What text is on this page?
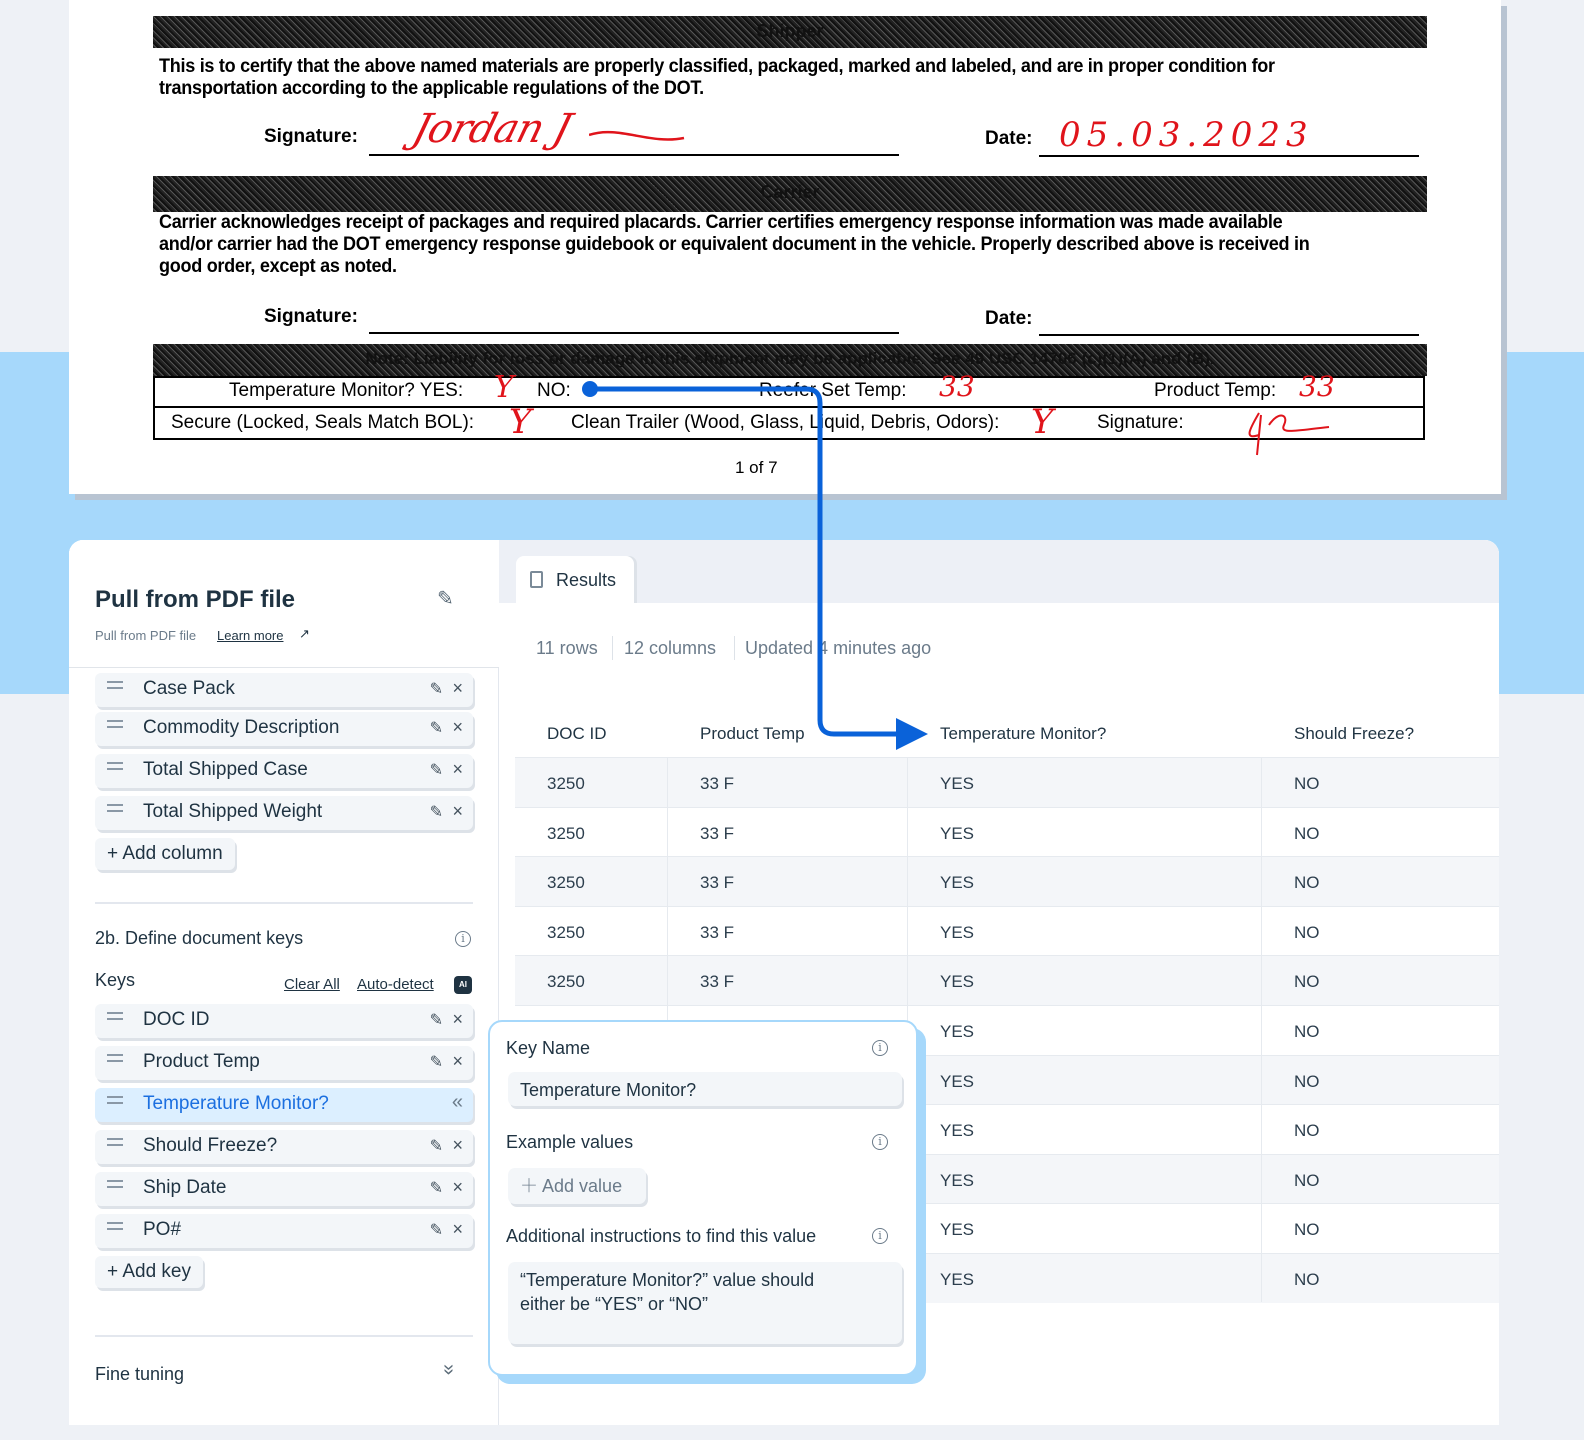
Shipper
This is to certify that the above named materials are properly classified, packaged, marked and labeled, and are in proper condition for
transportation according to the applicable regulations of the DOT.
Signature: Jordan J	Date: 05.03.2023
Carrier
Carrier acknowledges receipt of packages and required placards. Carrier certifies emergency response information was made available
and/or carrier had the DOT emergency response guidebook or equivalent document in the vehicle. Properly described above is received in
good order, except as noted.
Signature:	Date:
Note: Liability for loss or damage in this shipment may be applicable. See 49 USC 14706 (c)(1)(A) and (B).
Temperature Monitor? YES: Y NO:	Reefer Set Temp: 33	Product Temp: 33
Secure (Locked, Seals Match BOL): Y Clean Trailer (Wood, Glass, Liquid, Debris, Odors): Y Signature:
1 of 7
Pull from PDF file	✎
Pull from PDF file Learn more ↗
Case Pack	✎ ×
Commodity Description	✎ ×
Total Shipped Case	✎ ×
Total Shipped Weight	✎ ×
+ Add column
2b. Define document keys	i
Keys	Clear All Auto-detect	AI
DOC ID	✎ ×
Product Temp	✎ ×
Temperature Monitor?	«
Should Freeze?	✎ ×
Ship Date	✎ ×
PO#	✎ ×
+ Add key
Fine tuning	»
Results
11 rows 12 columns Updated 4 minutes ago
DOC ID	Product Temp	Temperature Monitor?	Should Freeze?
3250	33 F	YES	NO
3250	33 F	YES	NO
3250	33 F	YES	NO
3250	33 F	YES	NO
3250	33 F	YES	NO
YES	NO
YES	NO
YES	NO
YES	NO
YES	NO
YES	NO
Key Name	i
Temperature Monitor?
Example values	i
＋ Add value
Additional instructions to find this value	i
“Temperature Monitor?” value should either be “YES” or “NO”
